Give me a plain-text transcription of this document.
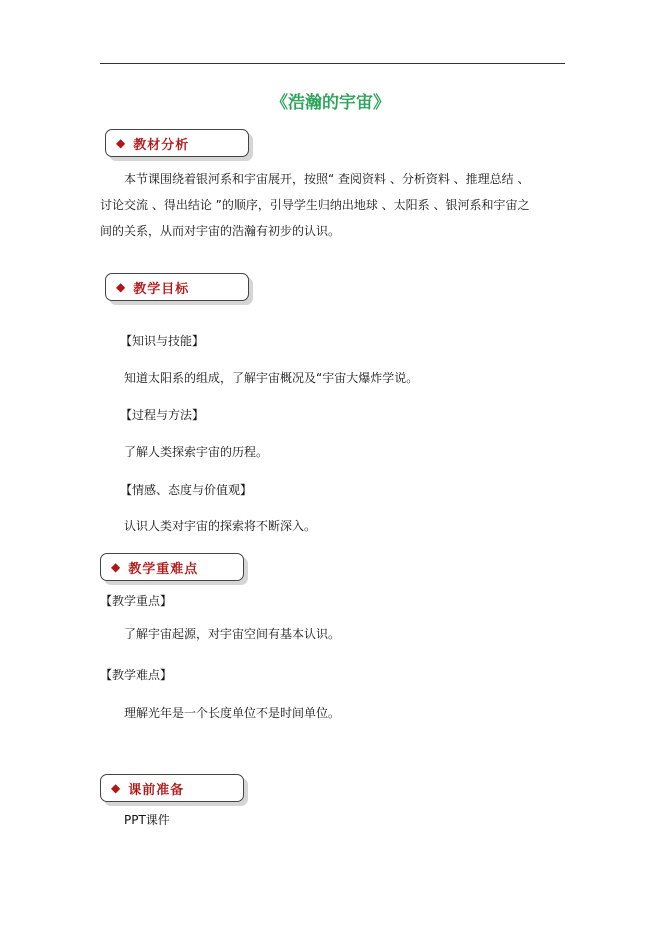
《浩瀚的宇宙》
◆ 教材分析
本节课围绕着银河系和宇宙展开，按照“ 查阅资料 、分析资料 、推理总结 、
讨论交流 、得出结论 ”的顺序，引导学生归纳出地球 、太阳系 、银河系和宇宙之
间的关系，从而对宇宙的浩瀚有初步的认识。
◆ 教学目标
【知识与技能】
知道太阳系的组成，了解宇宙概况及“宇宙大爆炸学说。
【过程与方法】
了解人类探索宇宙的历程。
【情感、态度与价值观】
认识人类对宇宙的探索将不断深入。
◆ 教学重难点
【教学重点】
了解宇宙起源，对宇宙空间有基本认识。
【教学难点】
理解光年是一个长度单位不是时间单位。
◆ 课前准备
PPT课件
